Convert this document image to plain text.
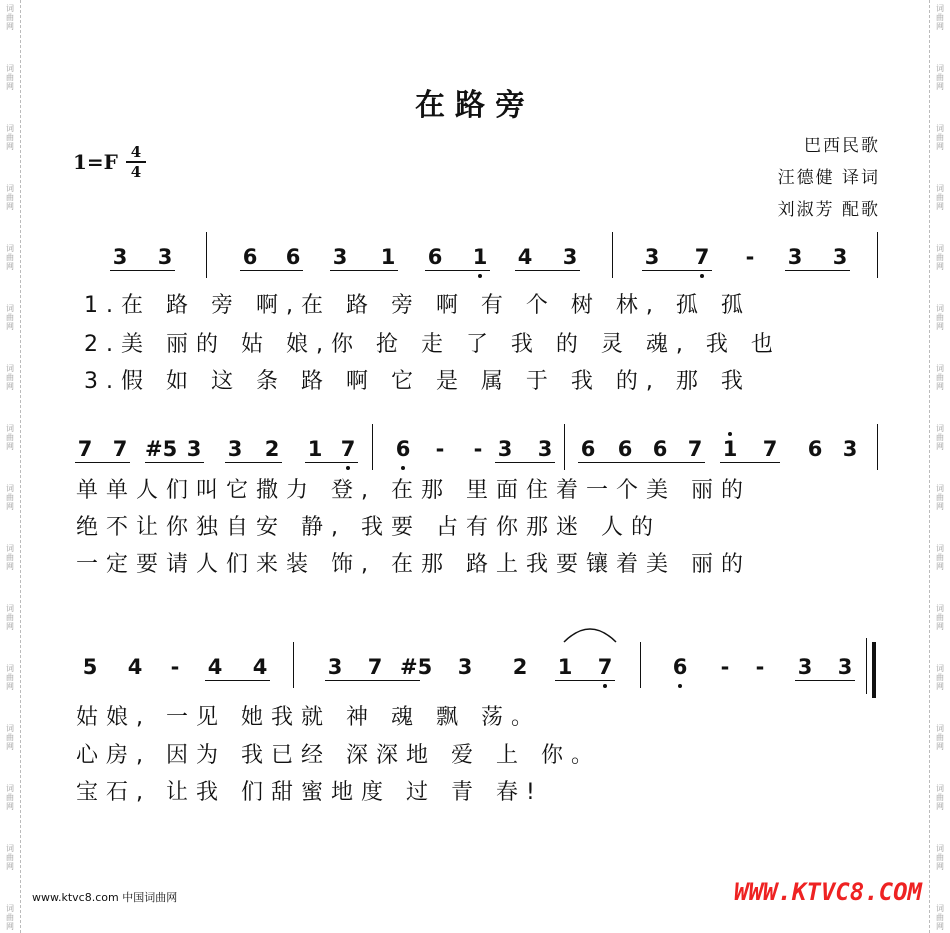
词
曲
网
词
曲
网
词
曲
网
词
曲
网
词
曲
网
词
曲
网
词
曲
网
词
曲
网
词
曲
网
词
曲
网
词
曲
网
词
曲
网
词
曲
网
词
曲
网
词
曲
网
词
曲
网
词
曲
网
词
曲
网
词
曲
网
词
曲
网
词
曲
网
词
曲
网
词
曲
网
词
曲
网
词
曲
网
词
曲
网
词
曲
网
词
曲
网
词
曲
网
词
曲
网
词
曲
网
词
曲
网
在路旁
1=F 4
4
巴西民歌
汪德健 译词
刘淑芳 配歌
3 3	6 6 3 1 6 1 4 3	3 7 - 3 3
1.在 路 旁 啊,在 路 旁 啊 有 个 树 林, 孤 孤
2.美 丽的 姑 娘,你 抢 走 了 我 的 灵 魂, 我 也
3.假 如 这 条 路 啊 它 是 属 于 我 的, 那 我
7 7 #5 3 3 2 1 7 6 - - 3 3 6 6 6 7 1 7 6 3
单单人们叫它撒力 登, 在那 里面住着一个美 丽的
绝不让你独自安 静, 我要 占有你那迷 人的
一定要请人们来装 饰, 在那 路上我要镶着美 丽的
5 4 - 4 4	3 7 #5 3 2 1 7	6 - - 3 3
姑娘, 一见 她我就 神 魂 飘 荡。
心房, 因为 我已经 深深地 爱 上 你。
宝石, 让我 们甜蜜地度 过 青 春!
www.ktvc8.com 中国词曲网	WWW.KTVC8.COM
